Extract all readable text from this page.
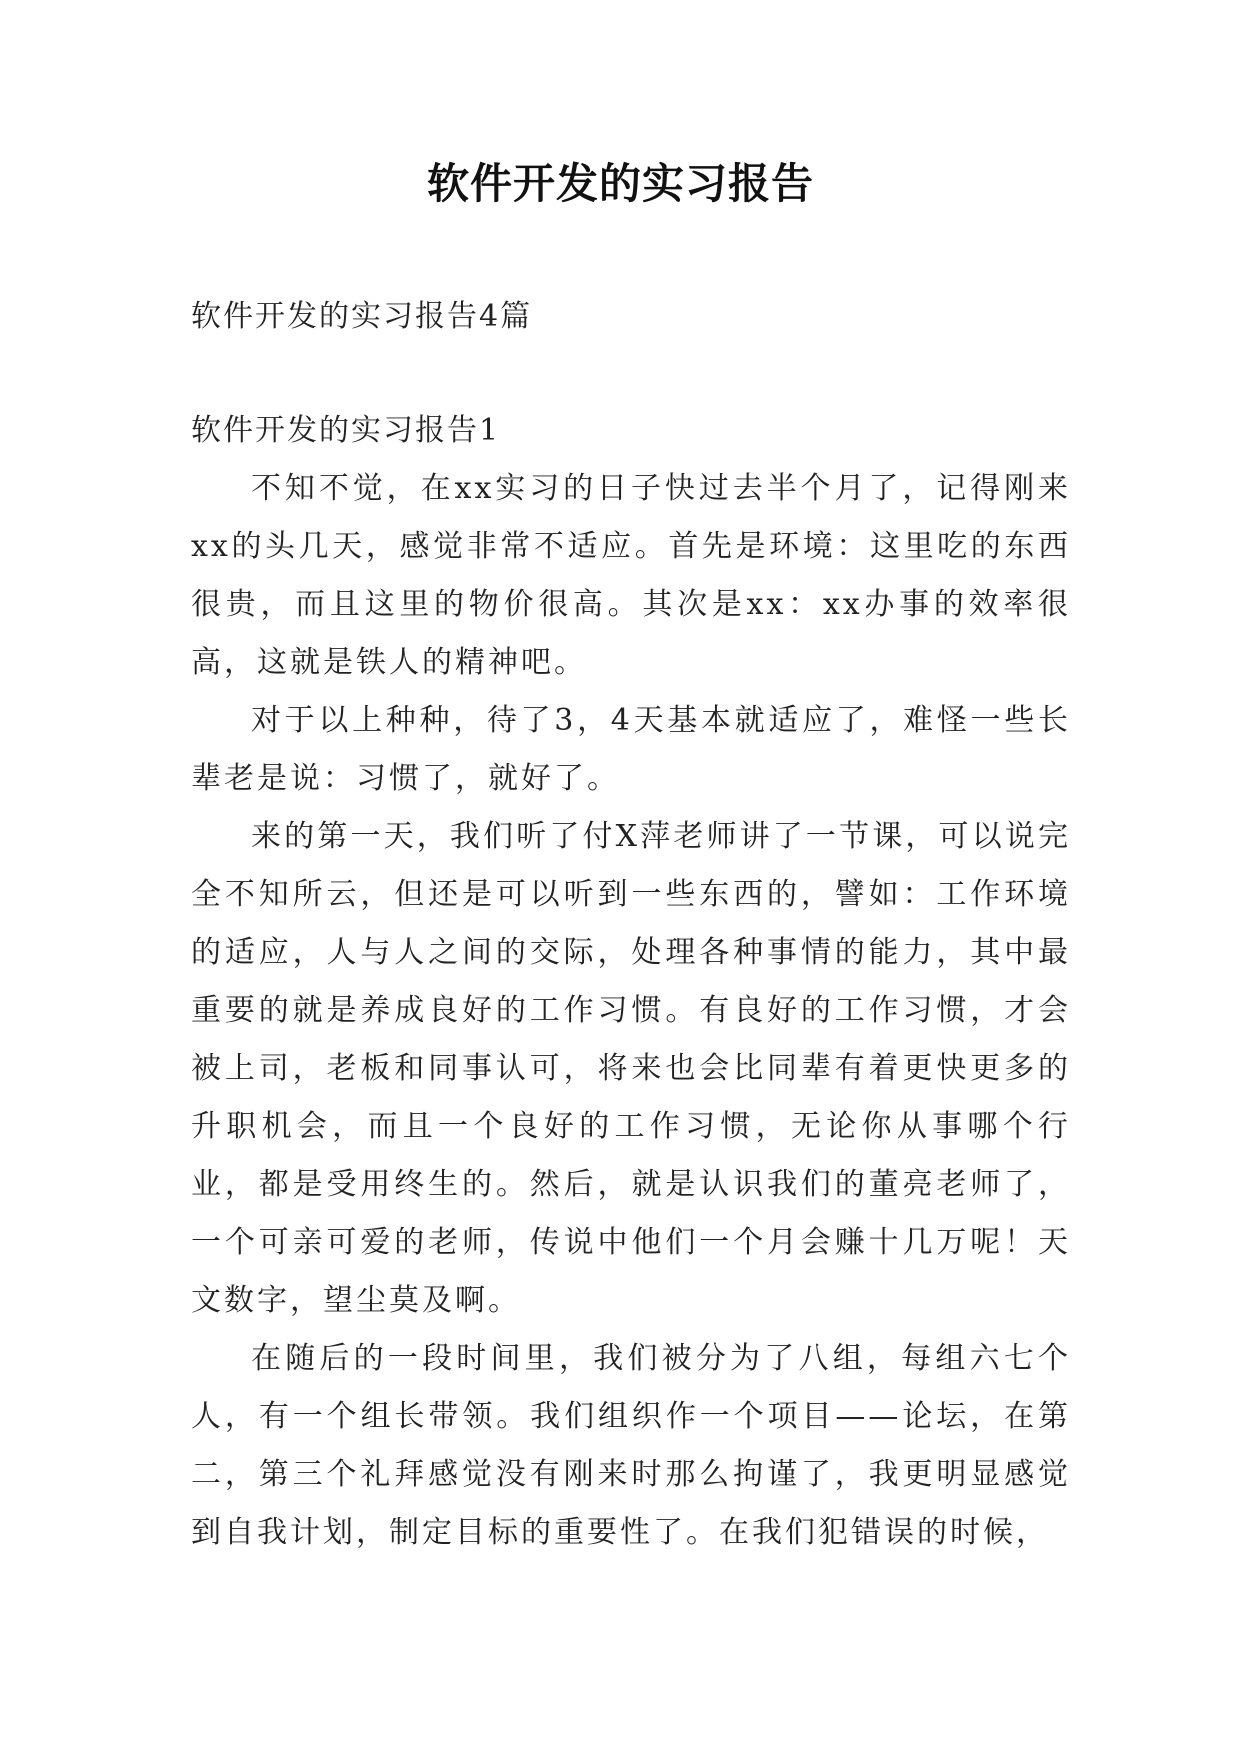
软件开发的实习报告
软件开发的实习报告4篇
软件开发的实习报告1

不知不觉，在xx实习的日子快过去半个月了，记得刚来xx的头几天，感觉非常不适应。首先是环境：这里吃的东西很贵，而且这里的物价很高。其次是xx：xx办事的效率很高，这就是铁人的精神吧。

对于以上种种，待了3，4天基本就适应了，难怪一些长辈老是说：习惯了，就好了。

来的第一天，我们听了付X萍老师讲了一节课，可以说完全不知所云，但还是可以听到一些东西的，譬如：工作环境的适应，人与人之间的交际，处理各种事情的能力，其中最重要的就是养成良好的工作习惯。有良好的工作习惯，才会被上司，老板和同事认可，将来也会比同辈有着更快更多的升职机会，而且一个良好的工作习惯，无论你从事哪个行业，都是受用终生的。然后，就是认识我们的董亮老师了，一个可亲可爱的老师，传说中他们一个月会赚十几万呢！天文数字，望尘莫及啊。

在随后的一段时间里，我们被分为了八组，每组六七个人，有一个组长带领。我们组织作一个项目——论坛，在第二，第三个礼拜感觉没有刚来时那么拘谨了，我更明显感觉到自我计划，制定目标的重要性了。在我们犯错误的时候，
